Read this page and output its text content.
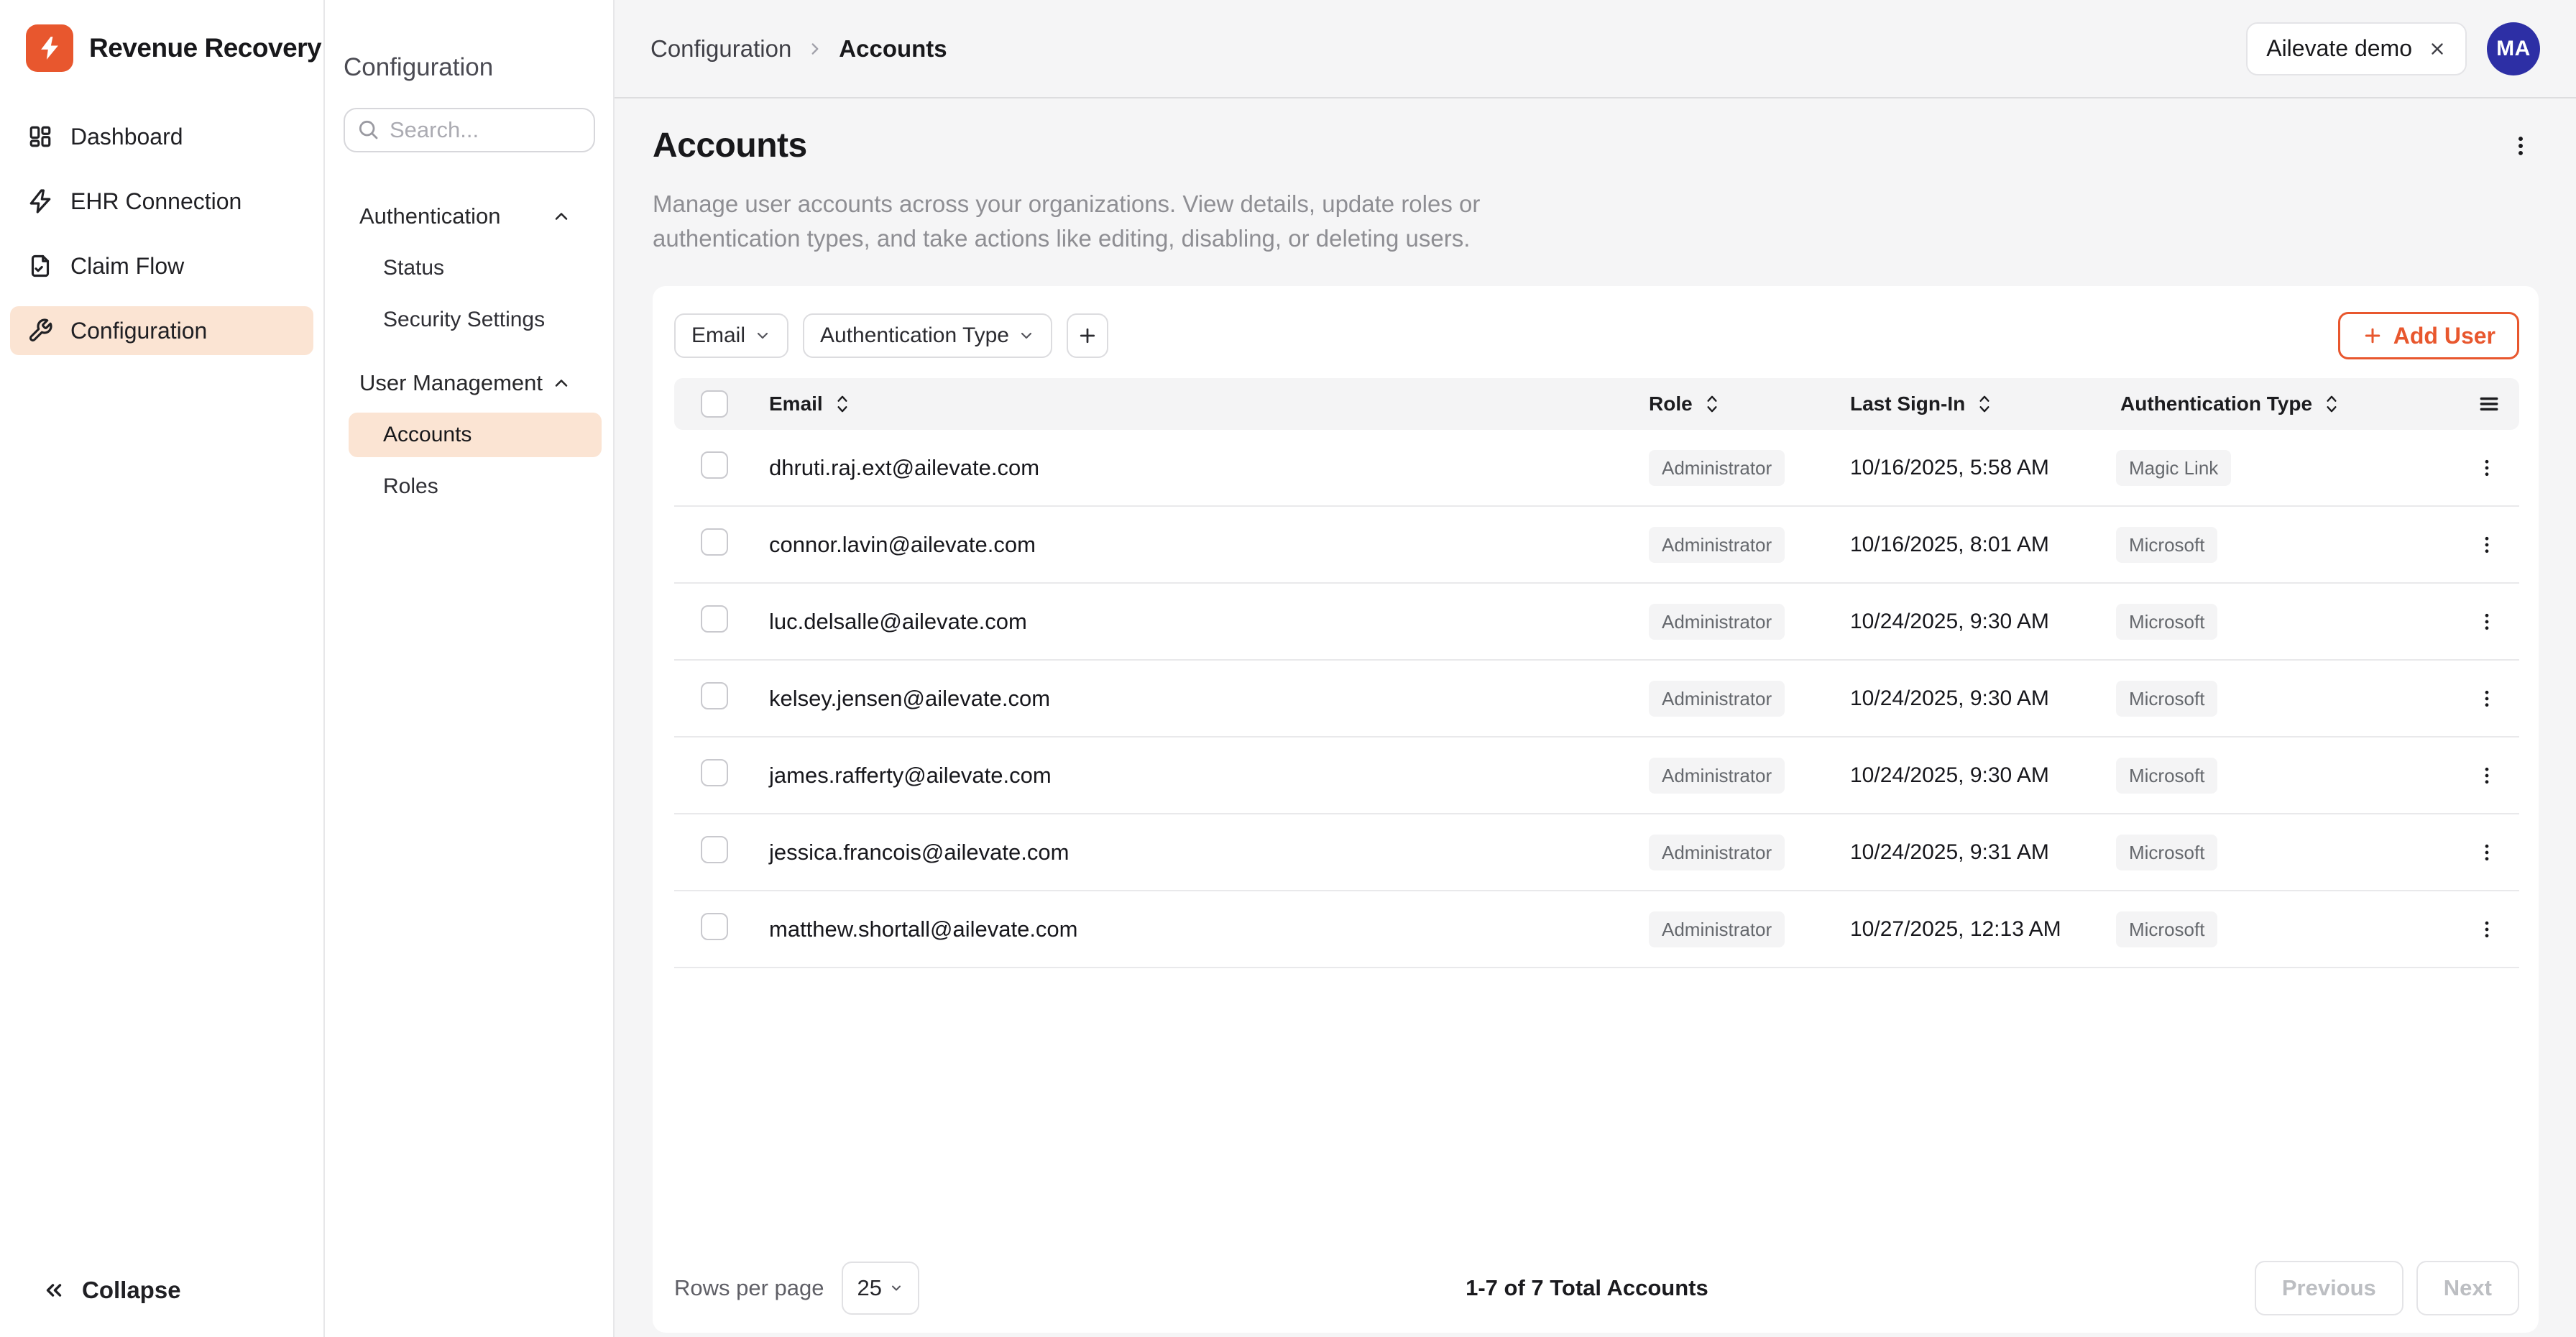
Revenue Recovery
Dashboard
EHR Connection
Claim Flow
Configuration
Collapse
Configuration
Search...
Authentication
Status
Security Settings
User Management
Accounts
Roles
Configuration Accounts	Ailevate demo	MA
Accounts

Manage user accounts across your organizations. View details, update roles or authentication types, and take actions like editing, disabling, or deleting users.

Email	Authentication Type	Add User
Email	Role	Last Sign-In	Authentication Type
dhruti.raj.ext@ailevate.com	Administrator	10/16/2025, 5:58 AM	Magic Link
connor.lavin@ailevate.com	Administrator	10/16/2025, 8:01 AM	Microsoft
luc.delsalle@ailevate.com	Administrator	10/24/2025, 9:30 AM	Microsoft
kelsey.jensen@ailevate.com	Administrator	10/24/2025, 9:30 AM	Microsoft
james.rafferty@ailevate.com	Administrator	10/24/2025, 9:30 AM	Microsoft
jessica.francois@ailevate.com	Administrator	10/24/2025, 9:31 AM	Microsoft
matthew.shortall@ailevate.com	Administrator	10/27/2025, 12:13 AM	Microsoft
Rows per page 25	1-7 of 7 Total Accounts	Previous	Next
